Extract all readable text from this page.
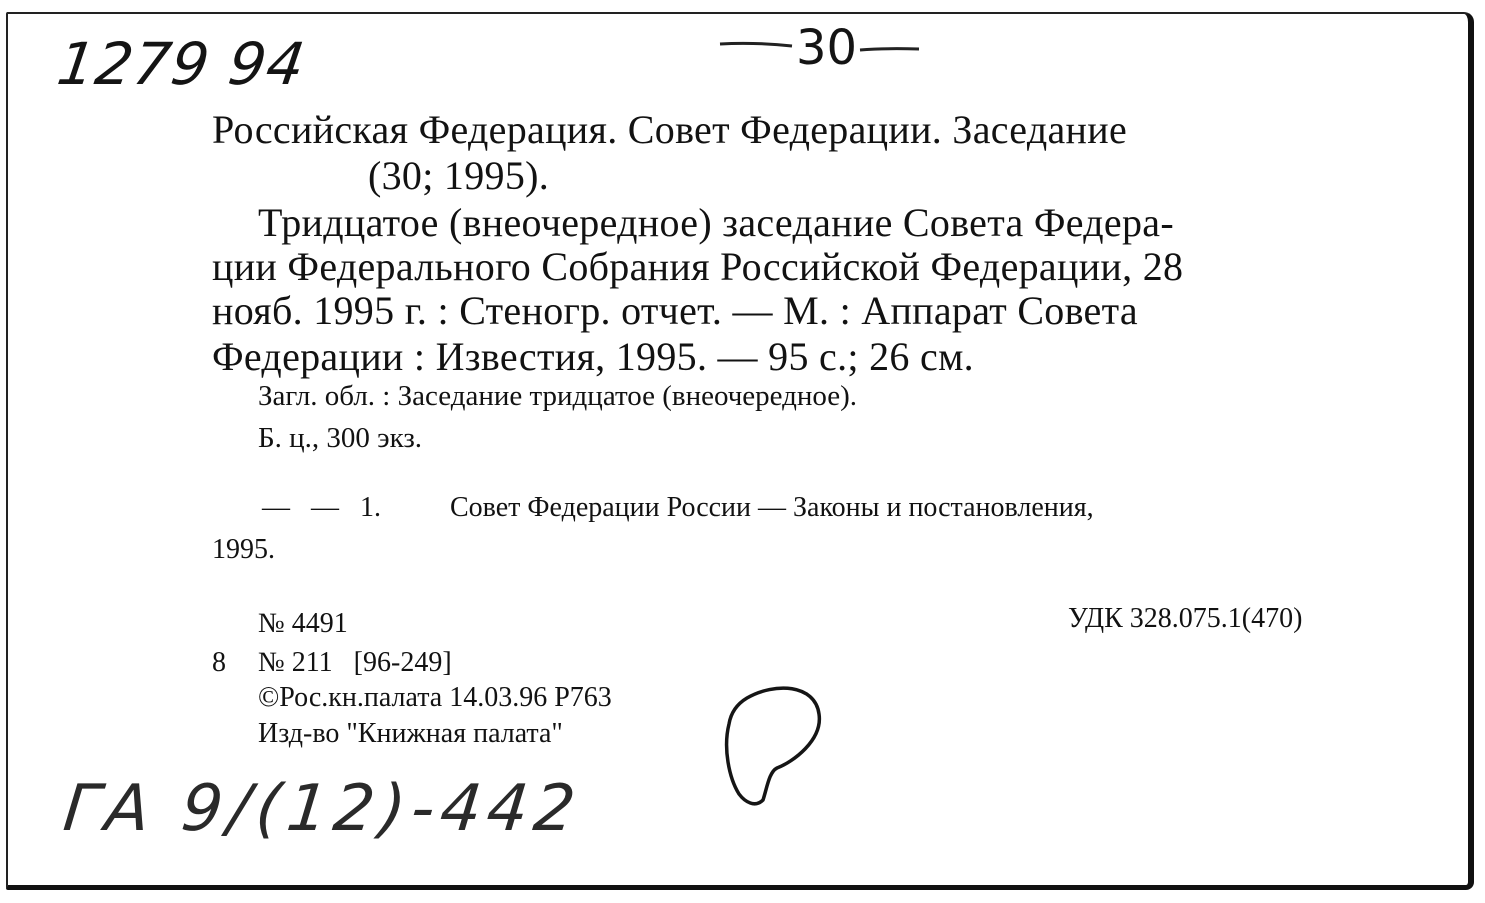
1279 94	30
Российская Федерация. Совет Федерации. Заседание
(30; 1995).
Тридцатое (внеочередное) заседание Совета Федера-
ции Федерального Собрания Российской Федерации, 28
нояб. 1995 г. : Стеногр. отчет. — М. : Аппарат Совета
Федерации : Известия, 1995. — 95 с.; 26 см.
Загл. обл. : Заседание тридцатое (внеочередное).
Б. ц., 300 экз.
—   —   1. Совет Федерации России — Законы и постановления,
1995.
№ 4491	УДК 328.075.1(470)
8 № 211   [96-249]
©Рос.кн.палата 14.03.96 Р763
Изд-во "Книжная палата"
ГА 9/(12)-442
